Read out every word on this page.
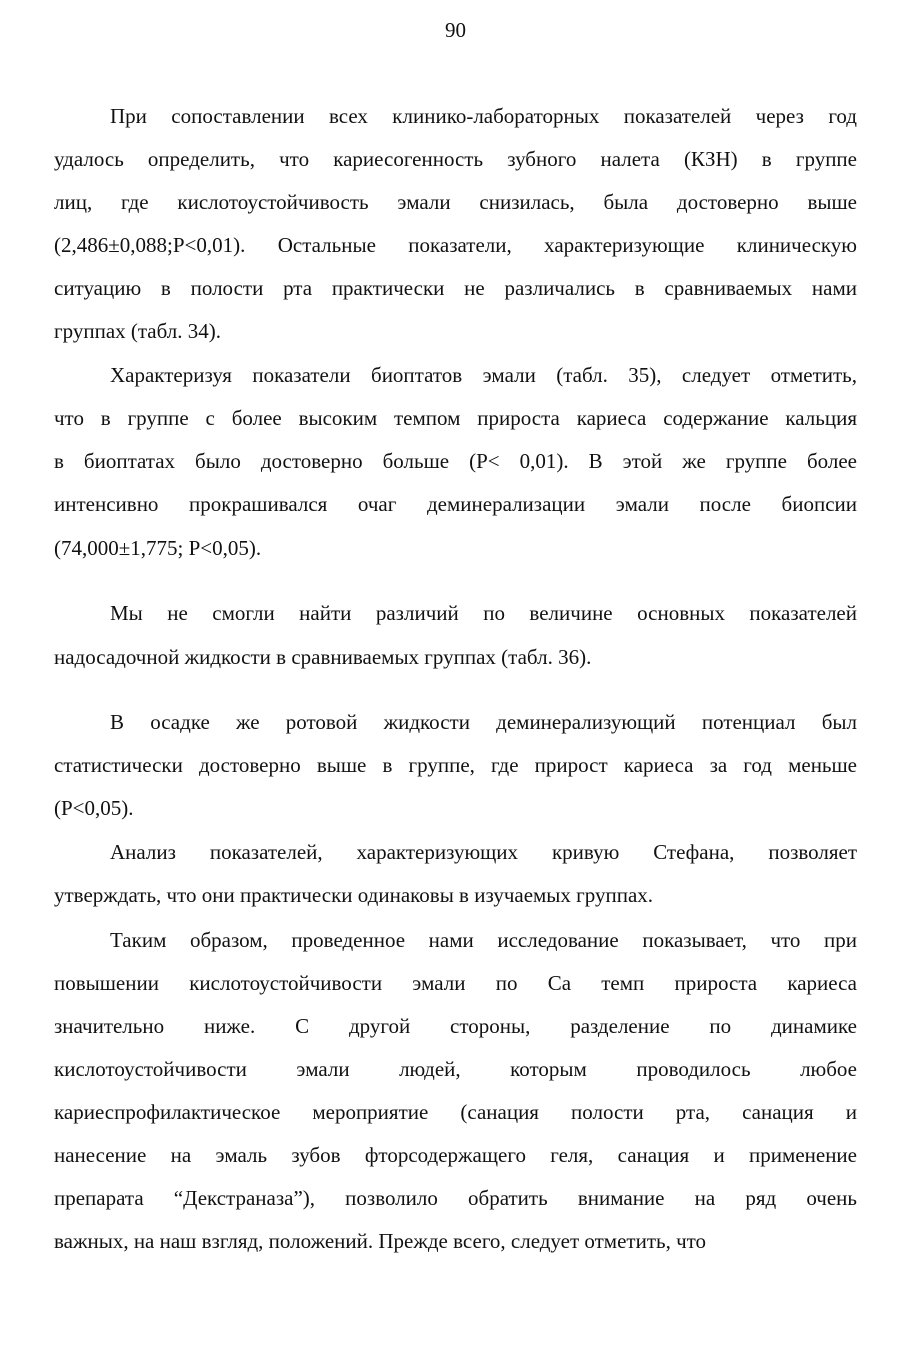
90
При сопоставлении всех клинико-лабораторных показателей через год
удалось определить, что кариесогенность зубного налета (КЗН) в группе
лиц, где кислотоустойчивость эмали снизилась, была достоверно выше
(2,486±0,088;Р<0,01). Остальные показатели, характеризующие клиническую
ситуацию в полости рта практически не различались в сравниваемых нами
группах (табл. 34).
Характеризуя показатели биоптатов эмали (табл. 35), следует отметить,
что в группе с более высоким темпом прироста кариеса содержание кальция
в биоптатах было достоверно больше (Р< 0,01). В этой же группе более
интенсивно прокрашивался очаг деминерализации эмали после биопсии
(74,000±1,775; Р<0,05).
Мы не смогли найти различий по величине основных показателей
надосадочной жидкости в сравниваемых группах (табл. 36).
В осадке же ротовой жидкости деминерализующий потенциал был
статистически достоверно выше в группе, где прирост кариеса за год меньше
(Р<0,05).
Анализ показателей, характеризующих кривую Стефана, позволяет
утверждать, что они практически одинаковы в изучаемых группах.
Таким образом, проведенное нами исследование показывает, что при
повышении кислотоустойчивости эмали по Са темп прироста кариеса
значительно ниже. С другой стороны, разделение по динамике
кислотоустойчивости эмали людей, которым проводилось любое
кариеспрофилактическое мероприятие (санация полости рта, санация и
нанесение на эмаль зубов фторсодержащего геля, санация и применение
препарата “Декстраназа”), позволило обратить внимание на ряд очень
важных, на наш взгляд, положений. Прежде всего, следует отметить, что
